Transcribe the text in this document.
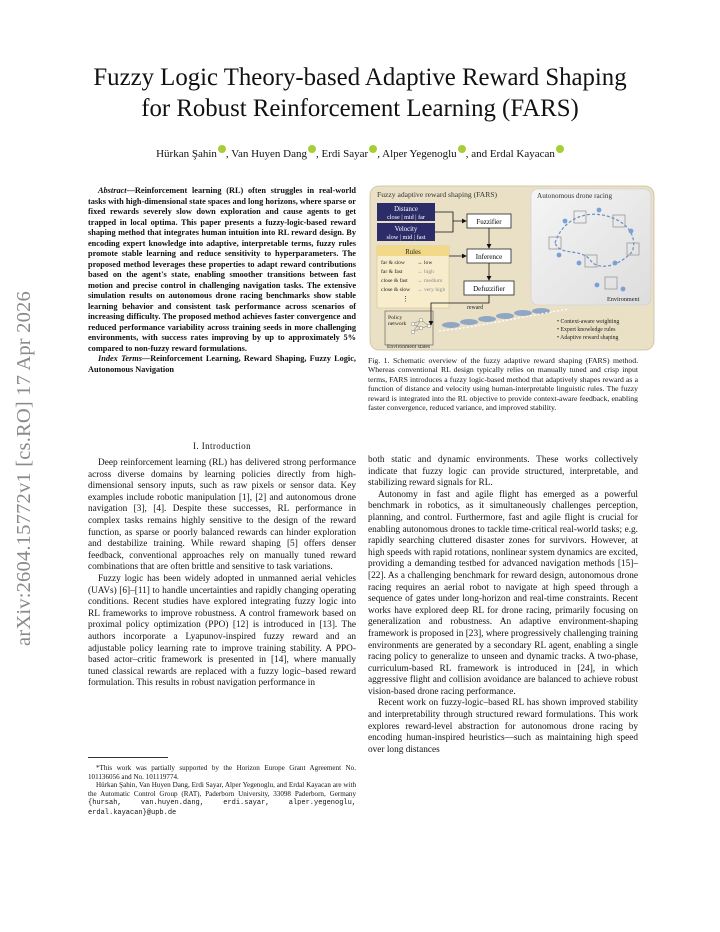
arXiv:2604.15772v1 [cs.RO] 17 Apr 2026
Fuzzy Logic Theory-based Adaptive Reward Shaping
for Robust Reinforcement Learning (FARS)
Hürkan Şahin , Van Huyen Dang , Erdi Sayar , Alper Yegenoglu , and Erdal Kayacan

Abstract—Reinforcement learning (RL) often struggles in real-world tasks with high-dimensional state spaces and long horizons, where sparse or fixed rewards severely slow down exploration and cause agents to get trapped in local optima. This paper presents a fuzzy-logic-based reward shaping method that integrates human intuition into RL reward design. By encoding expert knowledge into adaptive, interpretable terms, fuzzy rules promote stable learning and reduce sensitivity to hyperparameters. The proposed method leverages these properties to adapt reward contributions based on the agent's state, enabling smoother transitions between fast motion and precise control in challenging navigation tasks. The extensive simulation results on autonomous drone racing benchmarks show stable learning behavior and consistent task performance across scenarios of increasing difficulty. The proposed method achieves faster convergence and reduced performance variability across training seeds in more challenging environments, with success rates improving by up to approximately 5% compared to non-fuzzy reward formulations.

Index Terms—Reinforcement Learning, Reward Shaping, Fuzzy Logic, Autonomous Navigation

I. Introduction

Deep reinforcement learning (RL) has delivered strong performance across diverse domains by learning policies directly from high-dimensional sensory inputs, such as raw pixels or sensor data. Key examples include robotic manipulation [1], [2] and autonomous drone navigation [3], [4]. Despite these successes, RL performance in complex tasks remains highly sensitive to the design of the reward function, as sparse or poorly balanced rewards can hinder exploration and destabilize training. While reward shaping [5] offers denser feedback, conventional approaches rely on manually tuned reward combinations that are often brittle and sensitive to task variations.

Fuzzy logic has been widely adopted in unmanned aerial vehicles (UAVs) [6]–[11] to handle uncertainties and rapidly changing operating conditions. Recent studies have explored integrating fuzzy logic into RL frameworks to improve robustness. A control framework based on proximal policy optimization (PPO) [12] is introduced in [13]. The authors incorporate a Lyapunov-inspired fuzzy reward and an adjustable policy learning rate to improve training stability. A PPO-based actor–critic framework is presented in [14], where manually tuned classical rewards are replaced with a fuzzy logic–based reward formulation. This results in robust navigation performance in

*This work was partially supported by the Horizon Europe Grant Agreement No. 101136056 and No. 101119774.

Hürkan Şahin, Van Huyen Dang, Erdi Sayar, Alper Yegenoglu, and Erdal Kayacan are with the Automatic Control Group (RAT), Paderborn University, 33098 Paderborn, Germany {hursah, van.huyen.dang, erdi.sayar, alper.yegenoglu, erdal.kayacan}@upb.de

Fuzzy adaptive reward shaping (FARS)	Autonomous drone racing
Distance
close | mid | far
Velocity
slow | mid | fast
Rules
far & slow → low
far & fast	→ high
close & fast → medium
close & slow → very high
⋮
Fuzzifier
Inference
Defuzzifier
reward
Policy network
Environment states
Environment
• Context-aware weighting
• Expert knowledge rules
• Adaptive reward shaping
Fig. 1. Schematic overview of the fuzzy adaptive reward shaping (FARS) method. Whereas conventional RL design typically relies on manually tuned and crisp input terms, FARS introduces a fuzzy logic-based method that adaptively shapes reward as a function of distance and velocity using human-interpretable linguistic rules. The fuzzy reward is integrated into the RL objective to provide context-aware feedback, enabling faster convergence, reduced variance, and improved stability.

both static and dynamic environments. These works collectively indicate that fuzzy logic can provide structured, interpretable, and stabilizing reward signals for RL.

Autonomy in fast and agile flight has emerged as a powerful benchmark in robotics, as it simultaneously challenges perception, planning, and control. Furthermore, fast and agile flight is crucial for enabling autonomous drones to tackle time-critical real-world tasks; e.g. rapidly searching cluttered disaster zones for survivors. However, at high speeds with rapid rotations, nonlinear system dynamics are excited, providing a demanding testbed for advanced navigation methods [15]–[22]. As a challenging benchmark for reward design, autonomous drone racing requires an aerial robot to navigate at high speed through a sequence of gates under long-horizon and real-time constraints. Recent works have explored deep RL for drone racing, primarily focusing on generalization and robustness. An adaptive environment-shaping framework is proposed in [23], where progressively challenging training environments are generated by a secondary RL agent, enabling a single racing policy to generalize to unseen and dynamic tracks. A two-phase, curriculum-based RL framework is introduced in [24], in which aggressive flight and collision avoidance are balanced to achieve robust vision-based drone racing performance.

Recent work on fuzzy-logic–based RL has shown improved stability and interpretability through structured reward formulations. This work explores reward-level abstraction for autonomous drone racing by encoding human-inspired heuristics—such as maintaining high speed over long distances
